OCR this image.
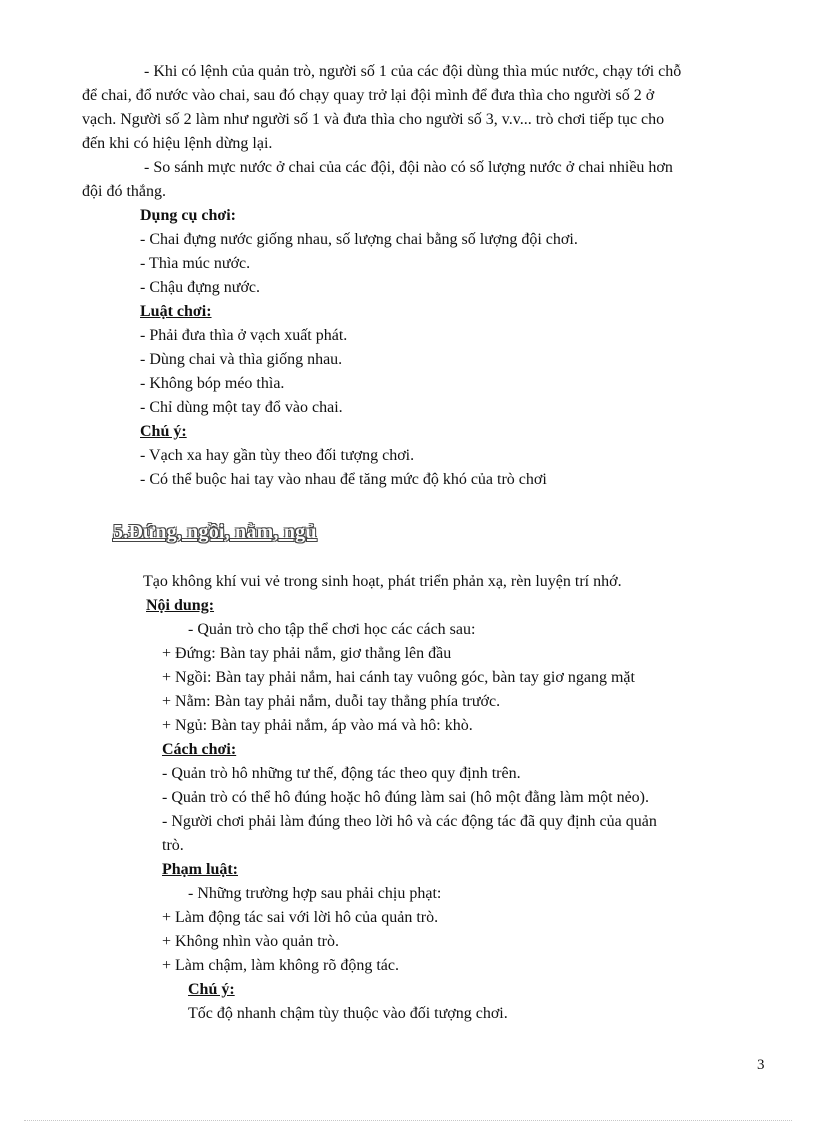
- Khi có lệnh của quản trò, người số 1 của các đội dùng thìa múc nước, chạy tới chỗ
để chai, đổ nước vào chai, sau đó chạy quay trở lại đội mình để đưa thìa cho người số 2 ở
vạch. Người số 2 làm như người số 1 và đưa thìa cho người số 3, v.v... trò chơi tiếp tục cho
đến khi có hiệu lệnh dừng lại.
- So sánh mực nước ở chai của các đội, đội nào có số lượng nước ở chai nhiều hơn
đội đó thắng.
Dụng cụ chơi:
- Chai đựng nước giống nhau, số lượng chai bằng số lượng đội chơi.
- Thìa múc nước.
- Chậu đựng nước.
Luật chơi:
- Phải đưa thìa ở vạch xuất phát.
- Dùng chai và thìa giống nhau.
- Không bóp méo thìa.
- Chỉ dùng một tay đổ vào chai.
Chú ý:
- Vạch xa hay gần tùy theo đối tượng chơi.
- Có thể buộc hai tay vào nhau để tăng mức độ khó của trò chơi
5.Đứng, ngồi, nằm, ngủ
Tạo không khí vui vẻ trong sinh hoạt, phát triển phản xạ, rèn luyện trí nhớ.
Nội dung:
- Quản trò cho tập thể chơi học các cách sau:
+ Đứng: Bàn tay phải nắm, giơ thẳng lên đầu
+ Ngồi: Bàn tay phải nắm, hai cánh tay vuông góc, bàn tay giơ ngang mặt
+ Nằm: Bàn tay phải nắm, duỗi tay thẳng phía trước.
+ Ngủ: Bàn tay phải nắm, áp vào má và hô: khò.
Cách chơi:
- Quản trò hô những tư thế, động tác theo quy định trên.
- Quản trò có thể hô đúng hoặc hô đúng làm sai (hô một đằng làm một nẻo).
- Người chơi phải làm đúng theo lời hô và các động tác đã quy định của quản
trò.
Phạm luật:
- Những trường hợp sau phải chịu phạt:
+ Làm động tác sai với lời hô của quản trò.
+ Không nhìn vào quản trò.
+ Làm chậm, làm không rõ động tác.
Chú ý:
Tốc độ nhanh chậm tùy thuộc vào đối tượng chơi.
3
